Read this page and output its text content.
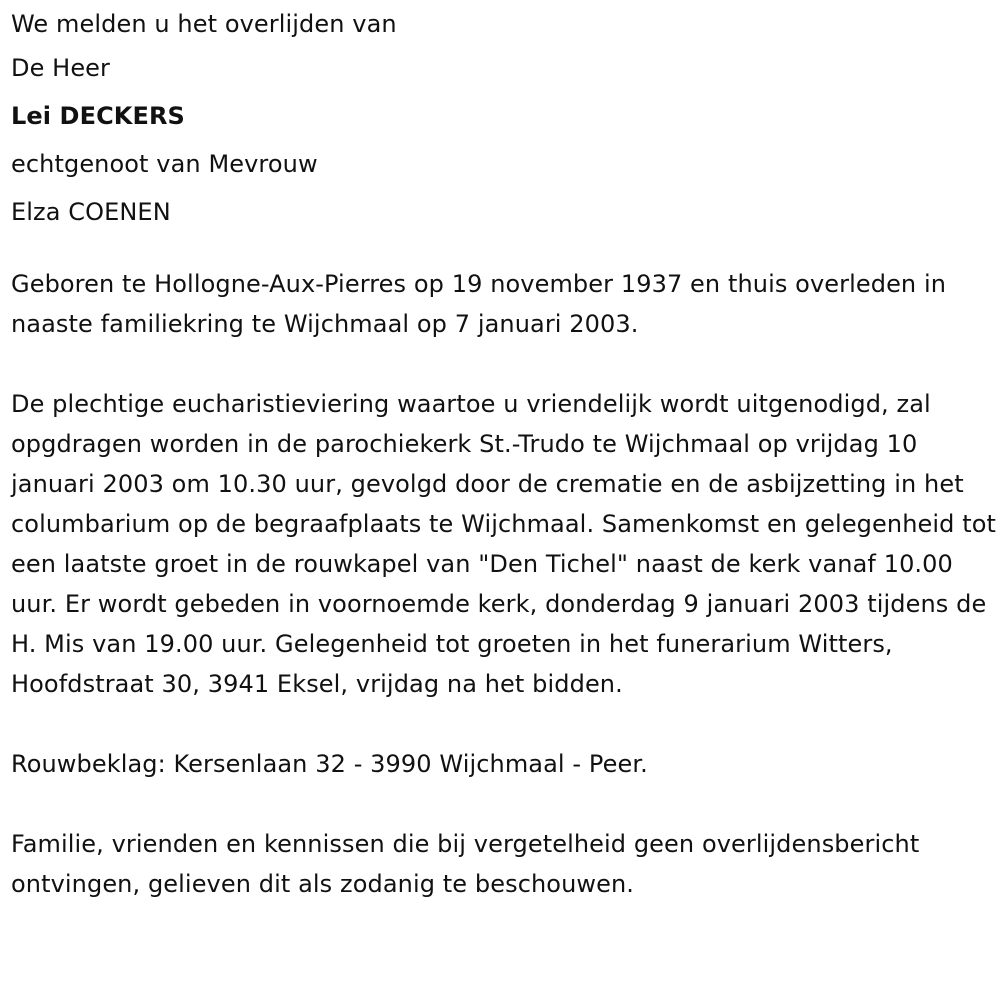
We melden u het overlijden van

De Heer

Lei DECKERS

echtgenoot van Mevrouw

Elza COENEN

Geboren te Hollogne-Aux-Pierres op 19 november 1937 en thuis overleden in naaste familiekring te Wijchmaal op 7 januari 2003.

De plechtige eucharistieviering waartoe u vriendelijk wordt uitgenodigd, zal opgdragen worden in de parochiekerk St.-Trudo te Wijchmaal op vrijdag 10 januari 2003 om 10.30 uur, gevolgd door de crematie en de asbijzetting in het columbarium op de begraafplaats te Wijchmaal. Samenkomst en gelegenheid tot een laatste groet in de rouwkapel van "Den Tichel" naast de kerk vanaf 10.00 uur. Er wordt gebeden in voornoemde kerk, donderdag 9 januari 2003 tijdens de H. Mis van 19.00 uur. Gelegenheid tot groeten in het funerarium Witters, Hoofdstraat 30, 3941 Eksel, vrijdag na het bidden.

Rouwbeklag: Kersenlaan 32 - 3990 Wijchmaal - Peer.

Familie, vrienden en kennissen die bij vergetelheid geen overlijdensbericht ontvingen, gelieven dit als zodanig te beschouwen.
